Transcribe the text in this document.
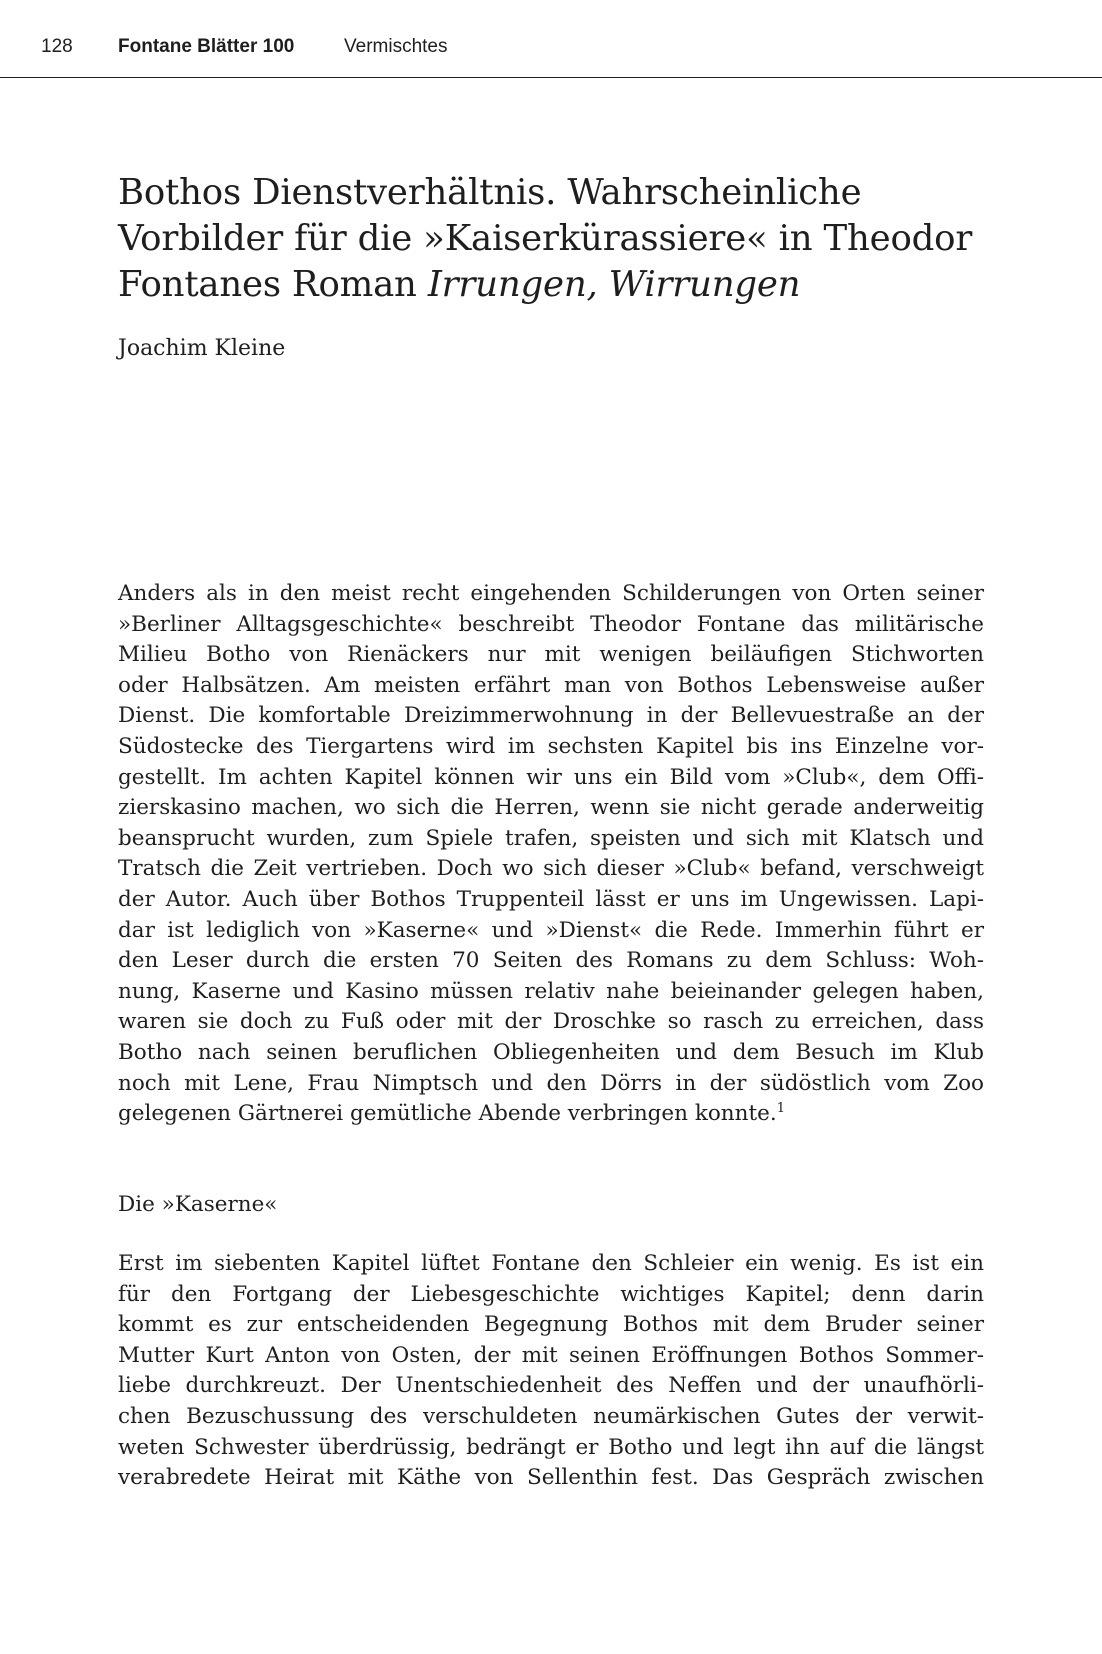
128 Fontane Blätter 100	Vermischtes
Bothos Dienstverhältnis. Wahrscheinliche
Vorbilder für die »Kaiserkürassiere« in Theodor
Fontanes Roman Irrungen, Wirrungen
Joachim Kleine
Anders als in den meist recht eingehenden Schilderungen von Orten seiner
»Berliner Alltagsgeschichte« beschreibt Theodor Fontane das militärische
Milieu Botho von Rienäckers nur mit wenigen beiläufigen Stichworten
oder Halbsätzen. Am meisten erfährt man von Bothos Lebensweise außer
Dienst. Die komfortable Dreizimmerwohnung in der Bellevuestraße an der
Südostecke des Tiergartens wird im sechsten Kapitel bis ins Einzelne vor-
gestellt. Im achten Kapitel können wir uns ein Bild vom »Club«, dem Offi-
zierskasino machen, wo sich die Herren, wenn sie nicht gerade anderweitig
beansprucht wurden, zum Spiele trafen, speisten und sich mit Klatsch und
Tratsch die Zeit vertrieben. Doch wo sich dieser »Club« befand, verschweigt
der Autor. Auch über Bothos Truppenteil lässt er uns im Ungewissen. Lapi-
dar ist lediglich von »Kaserne« und »Dienst« die Rede. Immerhin führt er
den Leser durch die ersten 70 Seiten des Romans zu dem Schluss: Woh-
nung, Kaserne und Kasino müssen relativ nahe beieinander gelegen haben,
waren sie doch zu Fuß oder mit der Droschke so rasch zu erreichen, dass
Botho nach seinen beruflichen Obliegenheiten und dem Besuch im Klub
noch mit Lene, Frau Nimptsch und den Dörrs in der südöstlich vom Zoo
gelegenen Gärtnerei gemütliche Abende verbringen konnte.$^1$
Die »Kaserne«
Erst im siebenten Kapitel lüftet Fontane den Schleier ein wenig. Es ist ein
für den Fortgang der Liebesgeschichte wichtiges Kapitel; denn darin
kommt es zur entscheidenden Begegnung Bothos mit dem Bruder seiner
Mutter Kurt Anton von Osten, der mit seinen Eröffnungen Bothos Sommer-
liebe durchkreuzt. Der Unentschiedenheit des Neffen und der unaufhörli-
chen Bezuschussung des verschuldeten neumärkischen Gutes der verwit-
weten Schwester überdrüssig, bedrängt er Botho und legt ihn auf die längst
verabredete Heirat mit Käthe von Sellenthin fest. Das Gespräch zwischen
